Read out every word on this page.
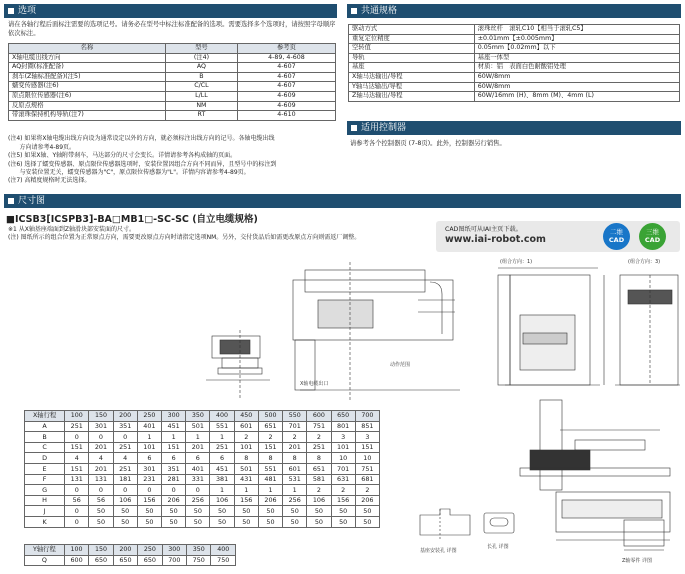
选项
请在各轴行程后面标注需要的选项记号。请务必在型号中标注标准配备的选项。需要选择多个选项时，请按照字母顺序依次标注。
名称	型号	参考页
X轴电缆出线方向	(注4)	4-89, 4-608
AQ封圈(标准配备)	AQ	4-607
刹车(Z轴标准配备)(注5)	B	4-607
蠕变传感器(注6)	C/CL	4-607
原点限位传感器(注6)	L/LL	4-609
反原点规格	NM	4-609
带滚珠保持机构导轨(注7)	RT	4-610

(注4) 如果将X轴电缆出线方向设为通常设定以外的方向，就必须标注出线方向的记号。各轴电缆出线
方向请参考4-89页。
(注5) 如果X轴、Y轴附带刹车，马达部分的尺寸会变长。详情请参考各构成轴的页面。
(注6) 选择了蠕变传感器、原点限位传感器选项时，安装位置因组合方向不同而异，且型号中的标注到
与安装位置无关，蠕变传感器为"C"，原点限位传感器为"L"。详情内容请参考4-89页。
(注7) 高精度规格时无法选择。
共通规格
驱动方式	滚珠丝杆　滚轧C10【相当于滚轧C5】
重复定位精度	±0.01mm【±0.005mm】
空转值	0.05mm【0.02mm】以下
导轨	基座一体型
基座	材质：铝　表面白色耐酸铝处理
X轴马达输出/导程	60W/8mm
Y轴马达输出/导程	60W/8mm
Z轴马达输出/导程	60W/16mm (H)、8mm (M)、4mm (L)
适用控制器
请参考各个控制器页 (7-8页)。此外，控制器另行销售。
尺寸图
■ICSB3[ICSPB3]-BA□MB1□-SC-SC (自立电缆规格)
※1 从X轴基座端面到Z轴滑块部安装面的尺寸。
(注) 图纸所示的组合位置为正常原点方向，需要更改原点方向时请指定选项NM。另外，交付货品后如需更改原点方向则需返厂调整。
CAD图纸可从IAI主页下载。
www.iai-robot.com
二维
CAD
三维
CAD
(组合方向：1)	(组合方向：3)
X轴电缆出口
动作范围
基座安装孔 详图
长孔 详图
Z轴零件 详图
X轴行程	100	150	200	250	300	350	400	450	500	550	600	650	700
A	251	301	351	401	451	501	551	601	651	701	751	801	851
B	0	0	0	1	1	1	1	2	2	2	2	3	3
C	151	201	251	101	151	201	251	101	151	201	251	101	151
D	4	4	4	6	6	6	6	8	8	8	8	10	10
E	151	201	251	301	351	401	451	501	551	601	651	701	751
F	131	131	181	231	281	331	381	431	481	531	581	631	681
G	0	0	0	0	0	0	1	1	1	1	2	2	2
H	56	56	106	156	206	256	106	156	206	256	106	156	206
J	0	50	50	50	50	50	50	50	50	50	50	50	50
K	0	50	50	50	50	50	50	50	50	50	50	50	50
Y轴行程	100	150	200	250	300	350	400
Q	600	650	650	650	700	750	750
